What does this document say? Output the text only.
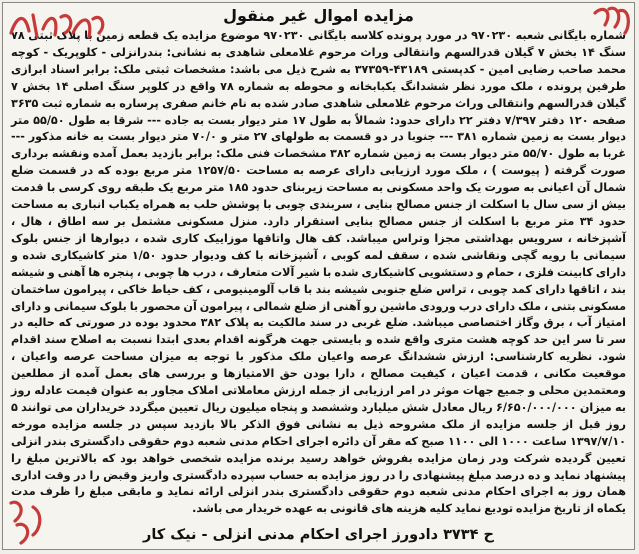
مزایده اموال غیر منقول
شماره بایگانی شعبه ۹۷۰۲۳۰ در مورد پرونده کلاسه بایگانی ۹۷۰۲۳۰ موضوع مزایده یک قطعه زمین با پلاک ثبتی ۷۸ سنگ ۱۴ بخش ۷ گیلان قدرالسهم وانتقالی وراث مرحوم غلامعلی شاهدی به نشانی: بندرانزلی - کلوپریک - کوچه محمد صاحب رضایی امین - کدپستی ۴۳۱۸۹-۳۷۳۵۹ به شرح ذیل می باشد: مشخصات ثبتی ملک: برابر اسناد ابرازی طرفین پرونده ، ملک مورد نظر ششدانگ یکبابخانه و محوطه به شماره ۷۸ واقع در کلوپر سنگ اصلی ۱۴ بخش ۷ گیلان قدرالسهم وانتقالی وراث مرحوم غلامعلی شاهدی صادر شده به نام خانم صفری پرساره به شماره ثبت ۳۶۳۵ صفحه ۱۲۰ دفتر ۷/۳۹۷ دفتر ۲۲ دارای حدود: شمالاً به طول ۱۷ متر دیوار بست به جاده --- شرقا به طول ۵۵/۵۰ متر دیوار بست به زمین شماره ۳۸۱ --- جنوبا در دو قسمت به طولهای ۲۷ متر و ۷۰/۰ متر دیوار بست به خانه مذکور --- غربا به طول ۵۵/۷۰ متر دیوار بست به زمین شماره ۳۸۲ مشخصات فنی ملک: برابر بازدید بعمل آمده ونقشه برداری صورت گرفته ( پیوست ) ، ملک مورد ارزیابی دارای عرصه به مساحت ۱۲۵۷/۵۰ متر مربع بوده که در قسمت ضلع شمال آن اعیانی به صورت یک واحد مسکونی به مساحت زیربنای حدود ۱۸۵ متر مربع یک طبقه روی کرسی با قدمت بیش از سی سال با اسکلت از جنس مصالح بنایی ، سربندی چوبی با پوشش حلب به همراه یکباب انباری به مساحت حدود ۳۴ متر مربع با اسکلت از جنس مصالح بنایی استقرار دارد. منزل مسکونی مشتمل بر سه اطاق ، هال ، آشپزخانه ، سرویس بهداشتی مجزا وتراس میباشد. کف هال واتاقها موزاییک کاری شده ، دیوارها از جنس بلوک سیمانی با رویه گچی ونقاشی شده ، سقف لمه کوبی ، آشپزخانه با کف ودیوار حدود ۱/۵۰ متر کاشیکاری شده و دارای کابینت فلزی ، حمام و دستشویی کاشیکاری شده با شیر آلات متعارف ، درب ها چوبی ، پنجره ها آهنی و شیشه بند ، اتاقها دارای کمد چوبی ، تراس ضلع جنوبی شیشه بند با قاب آلومینیومی ، کف حیاط خاکی ، پیرامون ساختمان مسکونی بتنی ، ملک دارای درب ورودی ماشین رو آهنی از ضلع شمالی ، پیرامون آن محصور با بلوک سیمانی و دارای امتیاز آب ، برق وگاز اختصاصی میباشد. ضلع غربی در سند مالکیت به پلاک ۳۸۲ محدود بوده در صورتی که حالیه در سر تا سر این حد کوچه هشت متری واقع شده و بایستی جهت هرگونه اقدام بعدی ابتدا نسبت به اصلاح سند اقدام شود. نظریه کارشناسی: ارزش ششدانگ عرصه واعیان ملک مذکور با توجه به میزان مساحت عرصه واعیان ، موقعیت مکانی ، قدمت اعیان ، کیفیت مصالح ، دارا بودن حق الامتیازها و بررسی های بعمل آمده از مطلعین ومعتمدین محلی و جمیع جهات موثر در امر ارزیابی از جمله ارزش معاملاتی املاک مجاور به عنوان قیمت عادله روز به میزان ۶/۶۵۰/۰۰۰/۰۰۰ ریال معادل شش میلیارد وششصد و پنجاه میلیون ریال تعیین میگردد خریداران می توانند ۵ روز قبل از جلسه مزایده از ملک مشروحه ذیل به نشانی فوق الذکر بالا بازدید سپس در جلسه مزایده مورخه ۱۳۹۷/۷/۱۰ ساعت ۱۰۰۰ الی ۱۱۰۰ صبح که مقر آن دائره اجرای احکام مدنی شعبه دوم حقوقی دادگستری بندر انزلی تعیین گردیده شرکت ودر زمان مزایده بفروش خواهد رسید برنده مزایده شخصی خواهد بود که بالاترین مبلغ را پیشنهاد نماید و ده درصد مبلغ پیشنهادی را در روز مزایده به حساب سپرده دادگستری واریز وقبض را در وقت اداری همان روز به اجرای احکام مدنی شعبه دوم حقوقی دادگستری بندر انزلی ارائه نماید و مابقی مبلغ را ظرف مدت یکماه از تاریخ مزایده تودیع نماید کلیه هزینه های قانونی به عهده خریدار می باشد.
ح ۳۷۳۴ دادورز اجرای احکام مدنی انزلی - نیک کار
